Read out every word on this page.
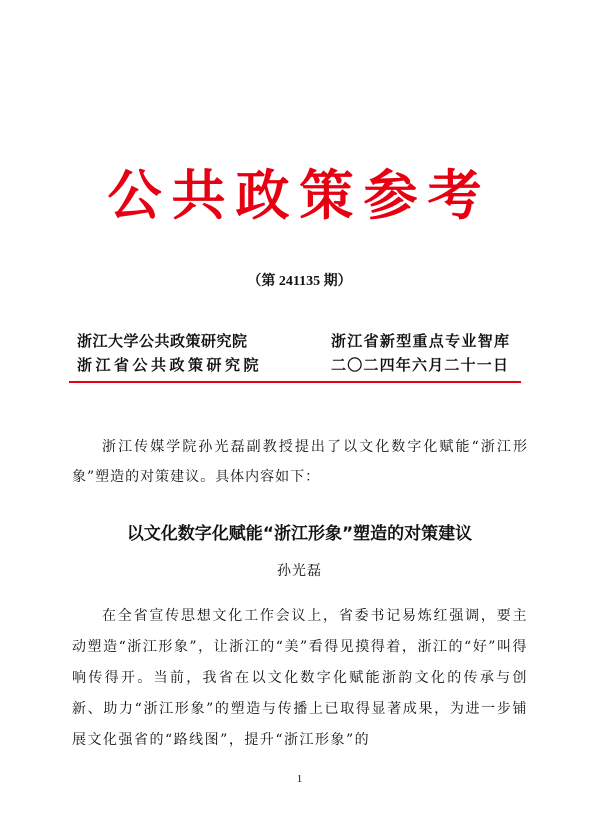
公共政策参考
（第 241135 期）
浙江大学公共政策研究院
浙江省公共政策研究院
浙江省新型重点专业智库
二〇二四年六月二十一日
浙江传媒学院孙光磊副教授提出了以文化数字化赋能“浙江形象”塑造的对策建议。具体内容如下：
以文化数字化赋能“浙江形象”塑造的对策建议
孙光磊
在全省宣传思想文化工作会议上，省委书记易炼红强调，要主动塑造“浙江形象”，让浙江的“美”看得见摸得着，浙江的“好”叫得响传得开。当前，我省在以文化数字化赋能浙韵文化的传承与创新、助力“浙江形象”的塑造与传播上已取得显著成果，为进一步铺展文化强省的“路线图”，提升“浙江形象”的
1
